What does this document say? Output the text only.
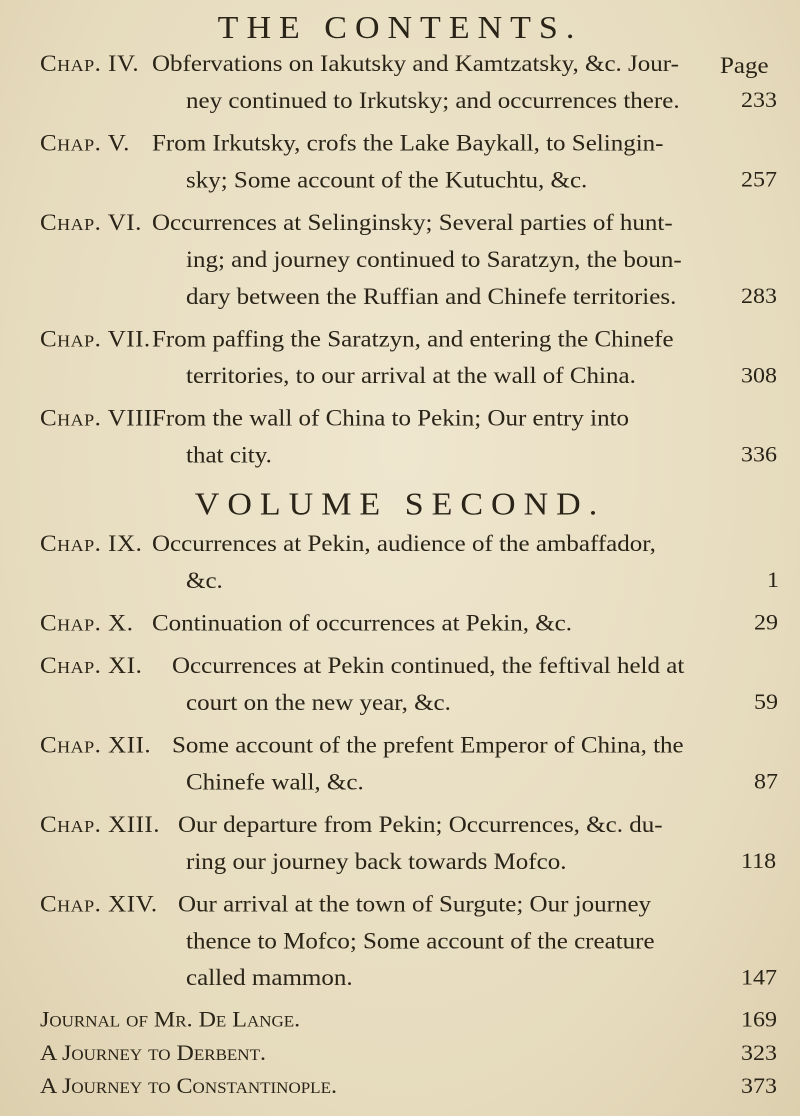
THE CONTENTS.
Page
Chap. IV. Obfervations on Iakutsky and Kamtzatsky, &c. Jour-
ney continued to Irkutsky; and occurrences there.	233
Chap. V. From Irkutsky, crofs the Lake Baykall, to Selingin-
sky; Some account of the Kutuchtu, &c.	257
Chap. VI. Occurrences at Selinginsky; Several parties of hunt-
ing; and journey continued to Saratzyn, the boun-
dary between the Ruffian and Chinefe territories.	283
Chap. VII. From paffing the Saratzyn, and entering the Chinefe
territories, to our arrival at the wall of China.	308
Chap. VIII.
From the wall of China to Pekin; Our entry into
that city.	336
VOLUME SECOND.
Chap. IX. Occurrences at Pekin, audience of the ambaffador,
&c.	1
Chap. X. Continuation of occurrences at Pekin, &c.	29
Chap. XI. Occurrences at Pekin continued, the feftival held at
court on the new year, &c.	59
Chap. XII. Some account of the prefent Emperor of China, the
Chinefe wall, &c.	87
Chap. XIII. Our departure from Pekin; Occurrences, &c. du-
ring our journey back towards Mofco.	118
Chap. XIV. Our arrival at the town of Surgute; Our journey
thence to Mofco; Some account of the creature
called mammon.	147
Journal of Mr. De Lange.	169
A Journey to Derbent.	323
A Journey to Constantinople.	373
